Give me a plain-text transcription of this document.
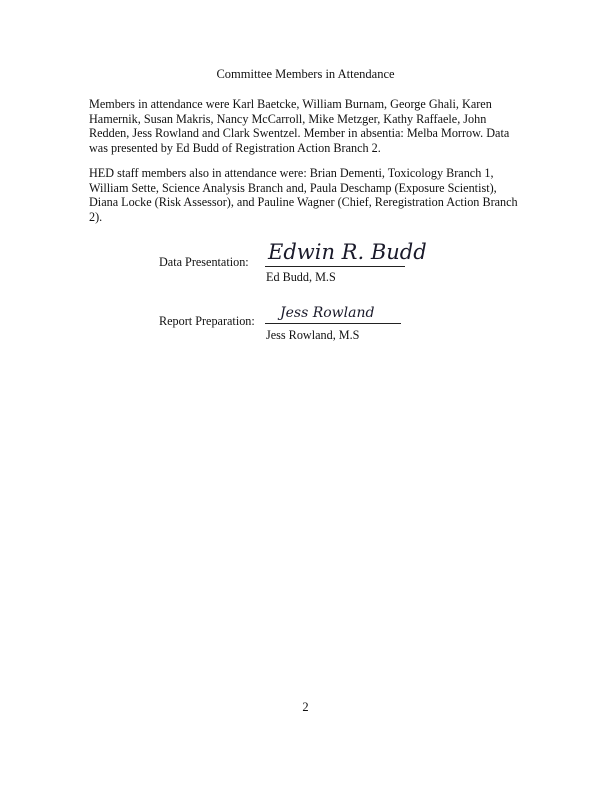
Committee Members in Attendance
Members in attendance were Karl Baetcke, William Burnam, George Ghali, Karen Hamernik, Susan Makris, Nancy McCarroll, Mike Metzger, Kathy Raffaele, John Redden, Jess Rowland and Clark Swentzel. Member in absentia: Melba Morrow. Data was presented by Ed Budd of Registration Action Branch 2.
HED staff members also in attendance were: Brian Dementi, Toxicology Branch 1, William Sette, Science Analysis Branch and, Paula Deschamp (Exposure Scientist), Diana Locke (Risk Assessor), and Pauline Wagner (Chief, Reregistration Action Branch 2).
Data Presentation: Edwin R. Budd
Ed Budd, M.S
Report Preparation: Jess Rowland
Jess Rowland, M.S
2
